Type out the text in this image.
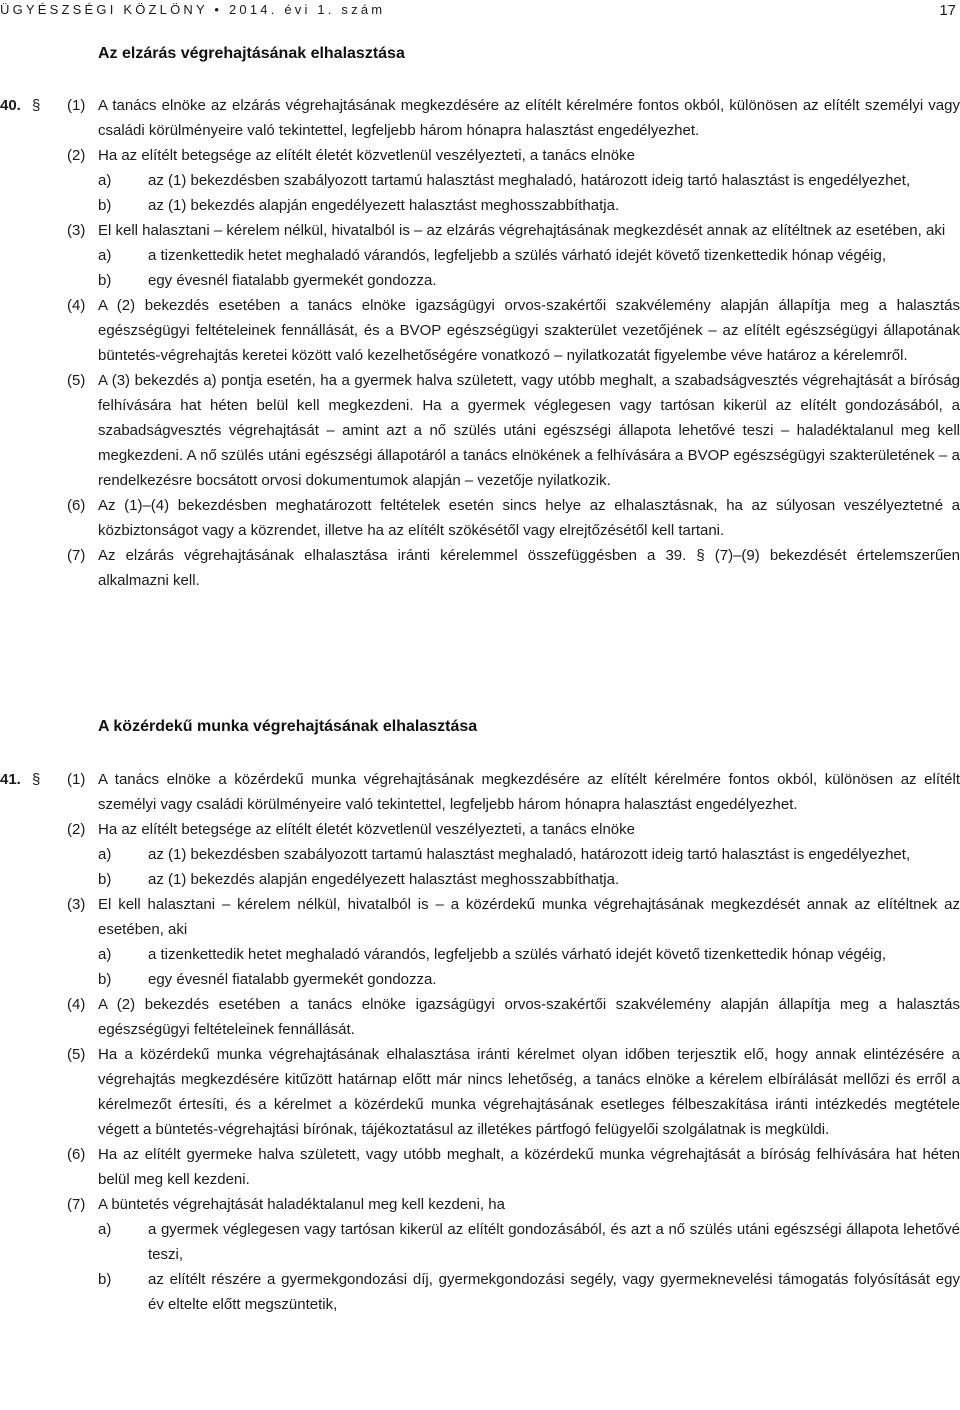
ÜGYÉSZSÉGI KÖZLÖNY • 2014. évi 1. szám	17
Az elzárás végrehajtásának elhalasztása
40. § (1) A tanács elnöke az elzárás végrehajtásának megkezdésére az elítélt kérelmére fontos okból, különösen az elítélt személyi vagy családi körülményeire való tekintettel, legfeljebb három hónapra halasztást engedélyezhet.
(2) Ha az elítélt betegsége az elítélt életét közvetlenül veszélyezteti, a tanács elnöke
a) az (1) bekezdésben szabályozott tartamú halasztást meghaladó, határozott ideig tartó halasztást is engedélyezhet,
b) az (1) bekezdés alapján engedélyezett halasztást meghosszabbíthatja.
(3) El kell halasztani – kérelem nélkül, hivatalból is – az elzárás végrehajtásának megkezdését annak az elítéltnek az esetében, aki
a) a tizenkettedik hetet meghaladó várandós, legfeljebb a szülés várható idejét követő tizenkettedik hónap végéig,
b) egy évesnél fiatalabb gyermekét gondozza.
(4) A (2) bekezdés esetében a tanács elnöke igazságügyi orvos-szakértői szakvélemény alapján állapítja meg a halasztás egészségügyi feltételeinek fennállását, és a BVOP egészségügyi szakterület vezetőjének – az elítélt egészségügyi állapotának büntetés-végrehajtás keretei között való kezelhetőségére vonatkozó – nyilatkozatát figyelembe véve határoz a kérelemről.
(5) A (3) bekezdés a) pontja esetén, ha a gyermek halva született, vagy utóbb meghalt, a szabadságvesztés végrehajtását a bíróság felhívására hat héten belül kell megkezdeni. Ha a gyermek véglegesen vagy tartósan kikerül az elítélt gondozásából, a szabadságvesztés végrehajtását – amint azt a nő szülés utáni egészségi állapota lehetővé teszi – haladéktalanul meg kell megkezdeni. A nő szülés utáni egészségi állapotáról a tanács elnökének a felhívására a BVOP egészségügyi szakterületének – a rendelkezésre bocsátott orvosi dokumentumok alapján – vezetője nyilatkozik.
(6) Az (1)–(4) bekezdésben meghatározott feltételek esetén sincs helye az elhalasztásnak, ha az súlyosan veszélyeztetné a közbiztonságot vagy a közrendet, illetve ha az elítélt szökésétől vagy elrejtőzésétől kell tartani.
(7) Az elzárás végrehajtásának elhalasztása iránti kérelemmel összefüggésben a 39. § (7)–(9) bekezdését értelemszerűen alkalmazni kell.
A közérdekű munka végrehajtásának elhalasztása
41. § (1) A tanács elnöke a közérdekű munka végrehajtásának megkezdésére az elítélt kérelmére fontos okból, különösen az elítélt személyi vagy családi körülményeire való tekintettel, legfeljebb három hónapra halasztást engedélyezhet.
(2) Ha az elítélt betegsége az elítélt életét közvetlenül veszélyezteti, a tanács elnöke
a) az (1) bekezdésben szabályozott tartamú halasztást meghaladó, határozott ideig tartó halasztást is engedélyezhet,
b) az (1) bekezdés alapján engedélyezett halasztást meghosszabbíthatja.
(3) El kell halasztani – kérelem nélkül, hivatalból is – a közérdekű munka végrehajtásának megkezdését annak az elítéltnek az esetében, aki
a) a tizenkettedik hetet meghaladó várandós, legfeljebb a szülés várható idejét követő tizenkettedik hónap végéig,
b) egy évesnél fiatalabb gyermekét gondozza.
(4) A (2) bekezdés esetében a tanács elnöke igazságügyi orvos-szakértői szakvélemény alapján állapítja meg a halasztás egészségügyi feltételeinek fennállását.
(5) Ha a közérdekű munka végrehajtásának elhalasztása iránti kérelmet olyan időben terjesztik elő, hogy annak elintézésére a végrehajtás megkezdésére kitűzött határnap előtt már nincs lehetőség, a tanács elnöke a kérelem elbírálását mellőzi és erről a kérelmezőt értesíti, és a kérelmet a közérdekű munka végrehajtásának esetleges félbeszakítása iránti intézkedés megtétele végett a büntetés-végrehajtási bírónak, tájékoztatásul az illetékes pártfogó felügyelői szolgálatnak is megküldi.
(6) Ha az elítélt gyermeke halva született, vagy utóbb meghalt, a közérdekű munka végrehajtását a bíróság felhívására hat héten belül meg kell kezdeni.
(7) A büntetés végrehajtását haladéktalanul meg kell kezdeni, ha
a) a gyermek véglegesen vagy tartósan kikerül az elítélt gondozásából, és azt a nő szülés utáni egészségi állapota lehetővé teszi,
b) az elítélt részére a gyermekgondozási díj, gyermekgondozási segély, vagy gyermeknevelési támogatás folyósítását egy év eltelte előtt megszüntetik,
